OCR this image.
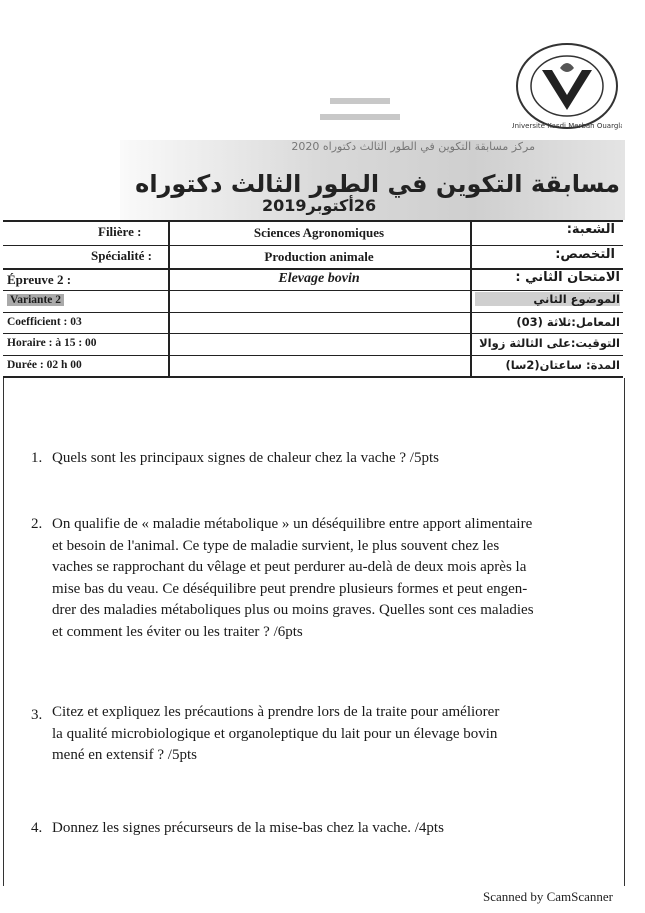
Université Kasdi Merbah Ouargla
مركز مسابقة التكوين في الطور الثالث دكتوراه 2020
مسابقة التكوين في الطور الثالث دكتوراه
26أكتوبر2019
Filière :	Sciences Agronomiques	الشعبة:
Spécialité :	Production animale	التخصص:
Épreuve 2 :	Elevage bovin	الامتحان الثاني :
Variante 2	الموضوع الثاني
Coefficient : 03	المعامل:ثلاثة (03)
Horaire : à 15 : 00	التوقيت:على الثالثة زوالا
Durée : 02 h 00	المدة: ساعتان(2سا)
1. Quels sont les principaux signes de chaleur chez la vache ? /5pts
2. On qualifie de « maladie métabolique » un déséquilibre entre apport alimentaire
et besoin de l'animal. Ce type de maladie survient, le plus souvent chez les
vaches se rapprochant du vêlage et peut perdurer au-delà de deux mois après la
mise bas du veau. Ce déséquilibre peut prendre plusieurs formes et peut engen-
drer des maladies métaboliques plus ou moins graves. Quelles sont ces maladies
et comment les éviter ou les traiter ? /6pts
3. Citez et expliquez les précautions à prendre lors de la traite pour améliorer
la qualité microbiologique et organoleptique du lait pour un élevage bovin
mené en extensif ? /5pts
4. Donnez les signes précurseurs de la mise-bas chez la vache. /4pts
Scanned by CamScanner
